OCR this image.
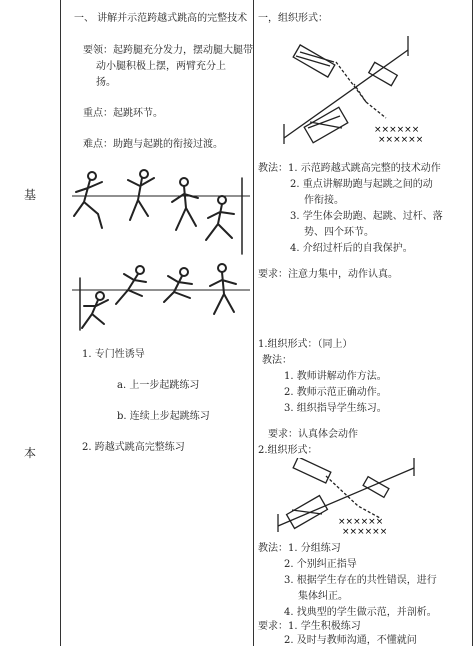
基
本
一、 讲解并示范跨越式跳高的完整技术
要领：起跨腿充分发力，摆动腿大腿带
动小腿积极上摆，两臂充分上
扬。
重点：起跳环节。
难点：助跑与起跳的衔接过渡。
1. 专门性诱导
a. 上一步起跳练习
b. 连续上步起跳练习
2. 跨越式跳高完整练习
一，组织形式：
××××××
××××××
教法：1. 示范跨越式跳高完整的技术动作
2. 重点讲解助跑与起跳之间的动
作衔接。
3. 学生体会助跑、起跳、过杆、落
势、四个环节。
4. 介绍过杆后的自我保护。
要求：注意力集中，动作认真。
1.组织形式：（同上）
教法：
1. 教师讲解动作方法。
2. 教师示范正确动作。
3. 组织指导学生练习。
要求：认真体会动作
2.组织形式：
××××××
××××××
教法：1. 分组练习
2. 个别纠正指导
3. 根据学生存在的共性错误，进行
集体纠正。
4. 找典型的学生做示范，并剖析。
要求：1. 学生积极练习
2. 及时与教师沟通，不懂就问
